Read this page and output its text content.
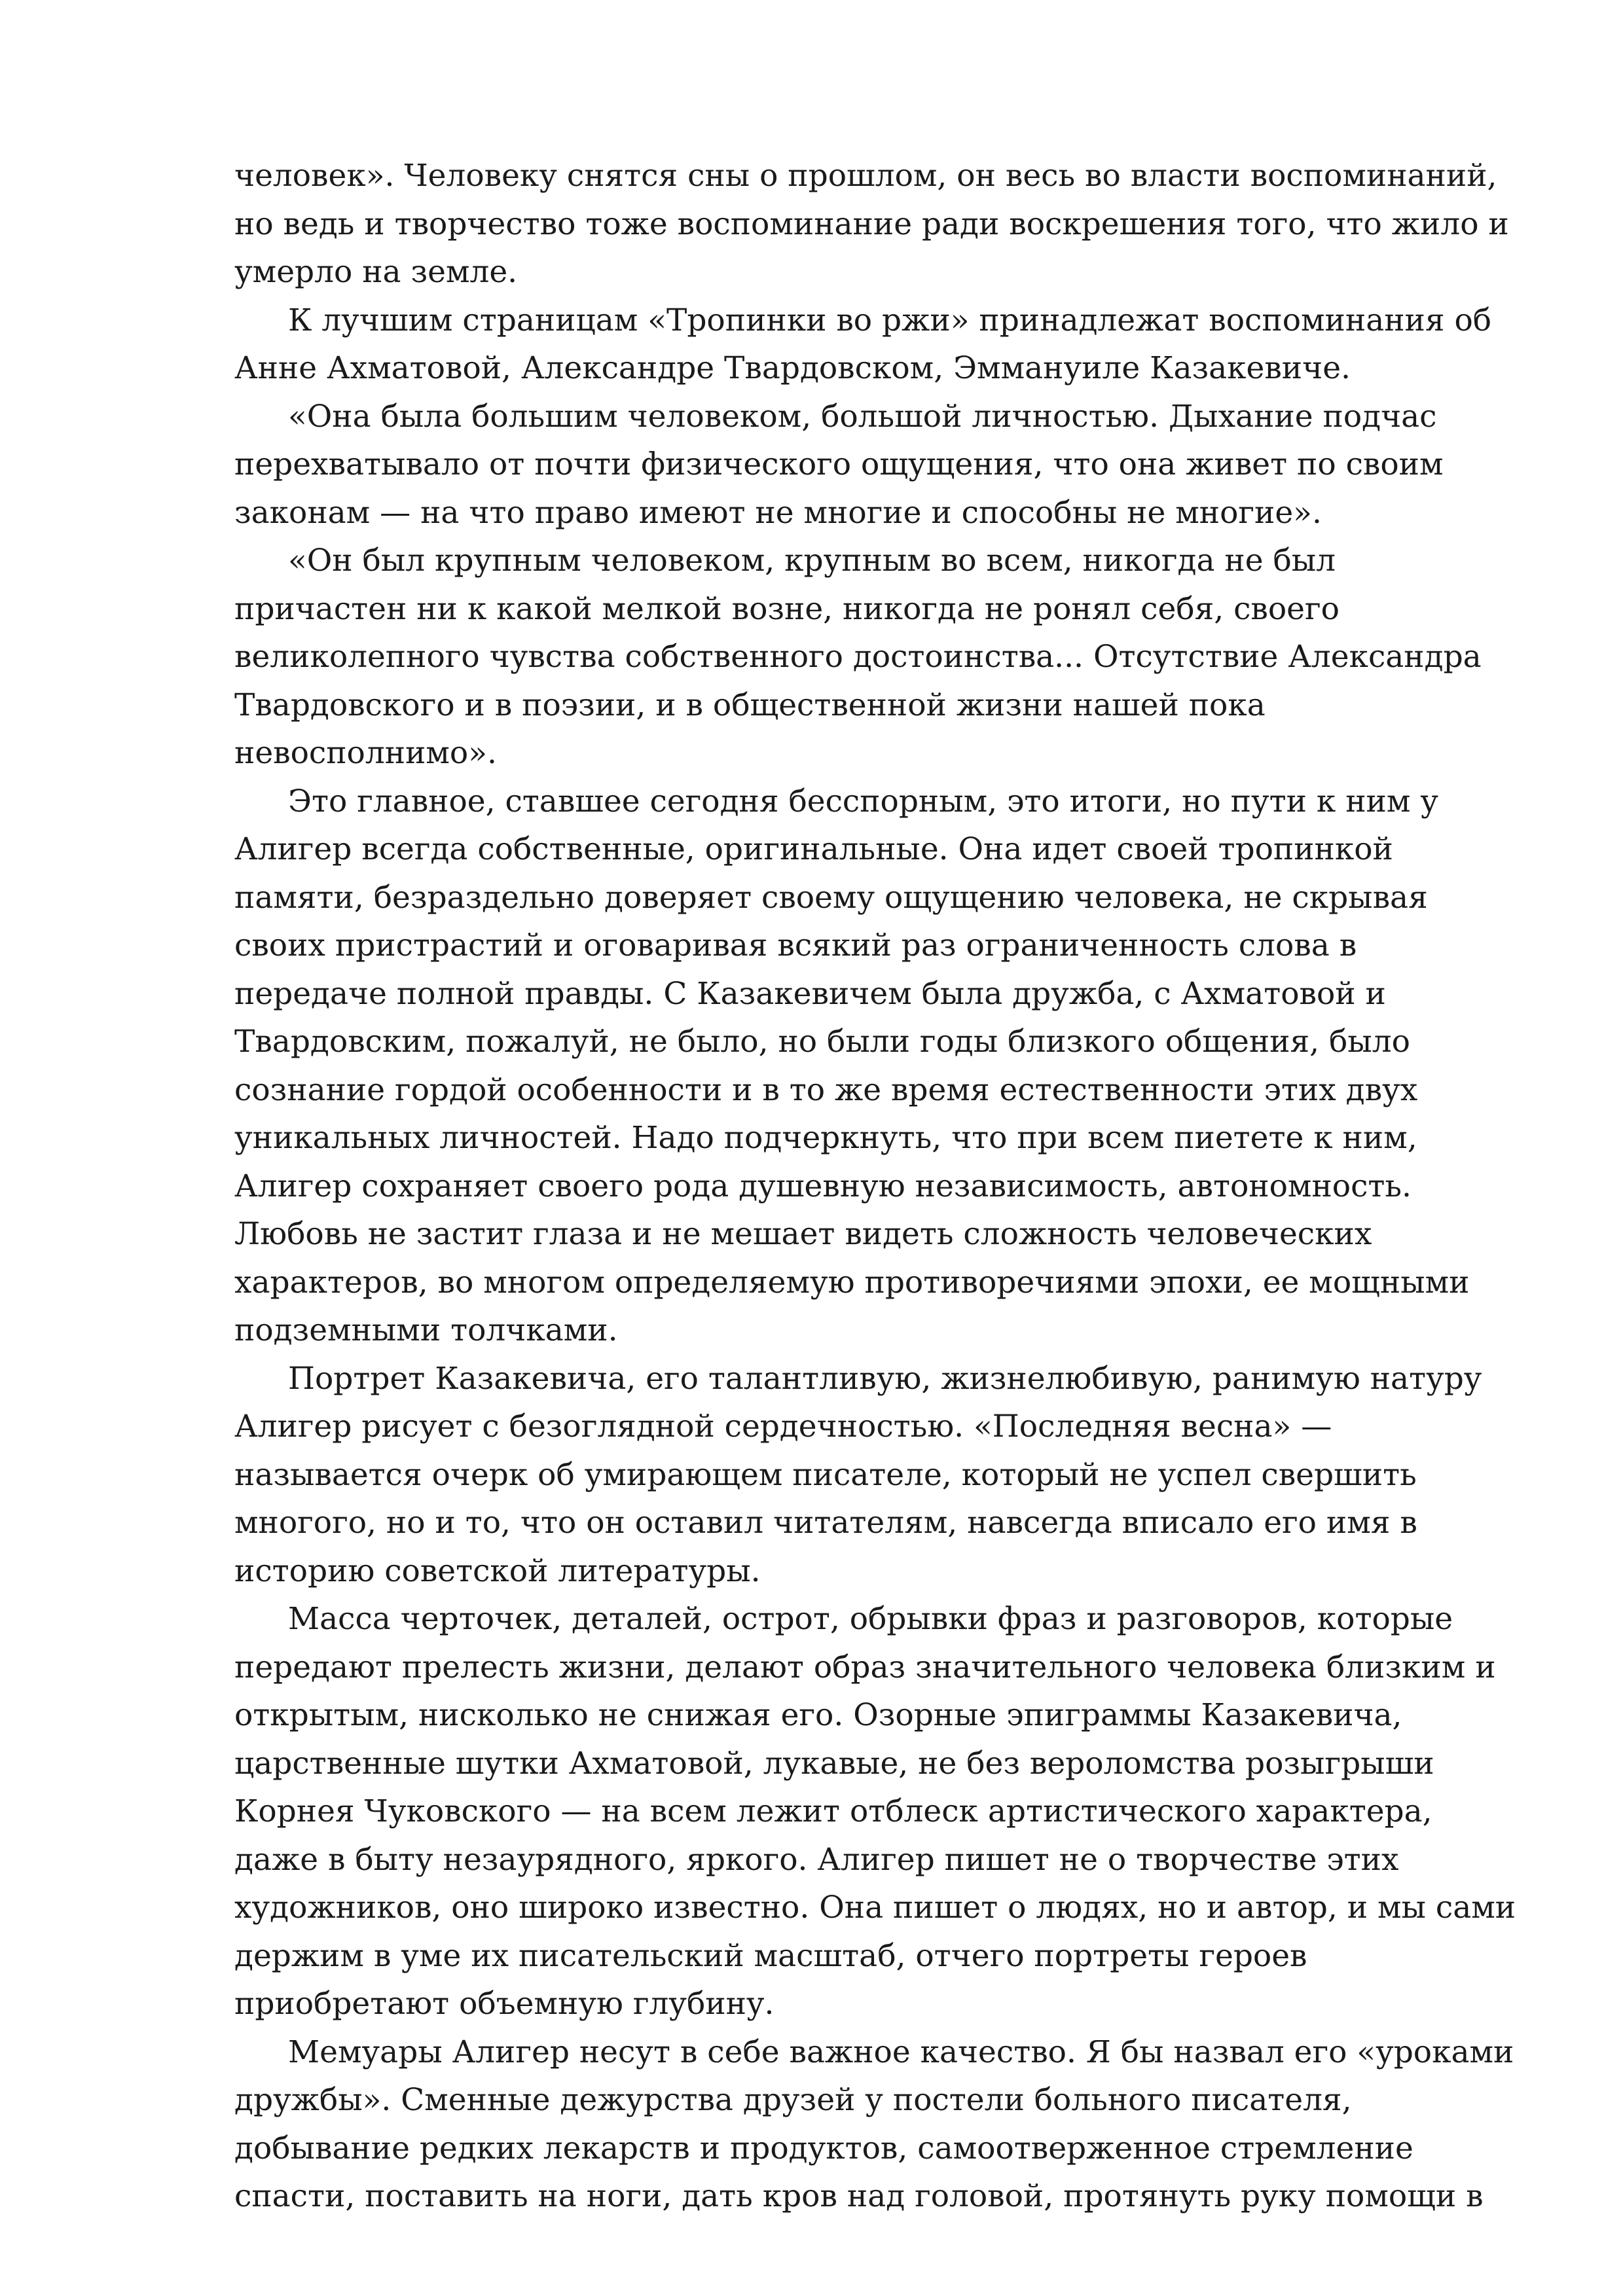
человек». Человеку снятся сны о прошлом, он весь во власти воспоминаний, но ведь и творчество тоже воспоминание ради воскрешения того, что жило и умерло на земле.

К лучшим страницам «Тропинки во ржи» принадлежат воспоминания об Анне Ахматовой, Александре Твардовском, Эммануиле Казакевиче.

«Она была большим человеком, большой личностью. Дыхание подчас перехватывало от почти физического ощущения, что она живет по своим законам — на что право имеют не многие и способны не многие».

«Он был крупным человеком, крупным во всем, никогда не был причастен ни к какой мелкой возне, никогда не ронял себя, своего великолепного чувства собственного достоинства... Отсутствие Александра Твардовского и в поэзии, и в общественной жизни нашей пока невосполнимо».

Это главное, ставшее сегодня бесспорным, это итоги, но пути к ним у Алигер всегда собственные, оригинальные. Она идет своей тропинкой памяти, безраздельно доверяет своему ощущению человека, не скрывая своих пристрастий и оговаривая всякий раз ограниченность слова в передаче полной правды. С Казакевичем была дружба, с Ахматовой и Твардовским, пожалуй, не было, но были годы близкого общения, было сознание гордой особенности и в то же время естественности этих двух уникальных личностей. Надо подчеркнуть, что при всем пиетете к ним, Алигер сохраняет своего рода душевную независимость, автономность. Любовь не застит глаза и не мешает видеть сложность человеческих характеров, во многом определяемую противоречиями эпохи, ее мощными подземными толчками.

Портрет Казакевича, его талантливую, жизнелюбивую, ранимую натуру Алигер рисует с безоглядной сердечностью. «Последняя весна» — называется очерк об умирающем писателе, который не успел свершить многого, но и то, что он оставил читателям, навсегда вписало его имя в историю советской литературы.

Масса черточек, деталей, острот, обрывки фраз и разговоров, которые передают прелесть жизни, делают образ значительного человека близким и открытым, нисколько не снижая его. Озорные эпиграммы Казакевича, царственные шутки Ахматовой, лукавые, не без вероломства розыгрыши Корнея Чуковского — на всем лежит отблеск артистического характера, даже в быту незаурядного, яркого. Алигер пишет не о творчестве этих художников, оно широко известно. Она пишет о людях, но и автор, и мы сами держим в уме их писательский масштаб, отчего портреты героев приобретают объемную глубину.

Мемуары Алигер несут в себе важное качество. Я бы назвал его «уроками дружбы». Сменные дежурства друзей у постели больного писателя, добывание редких лекарств и продуктов, самоотверженное стремление спасти, поставить на ноги, дать кров над головой, протянуть руку помощи в
